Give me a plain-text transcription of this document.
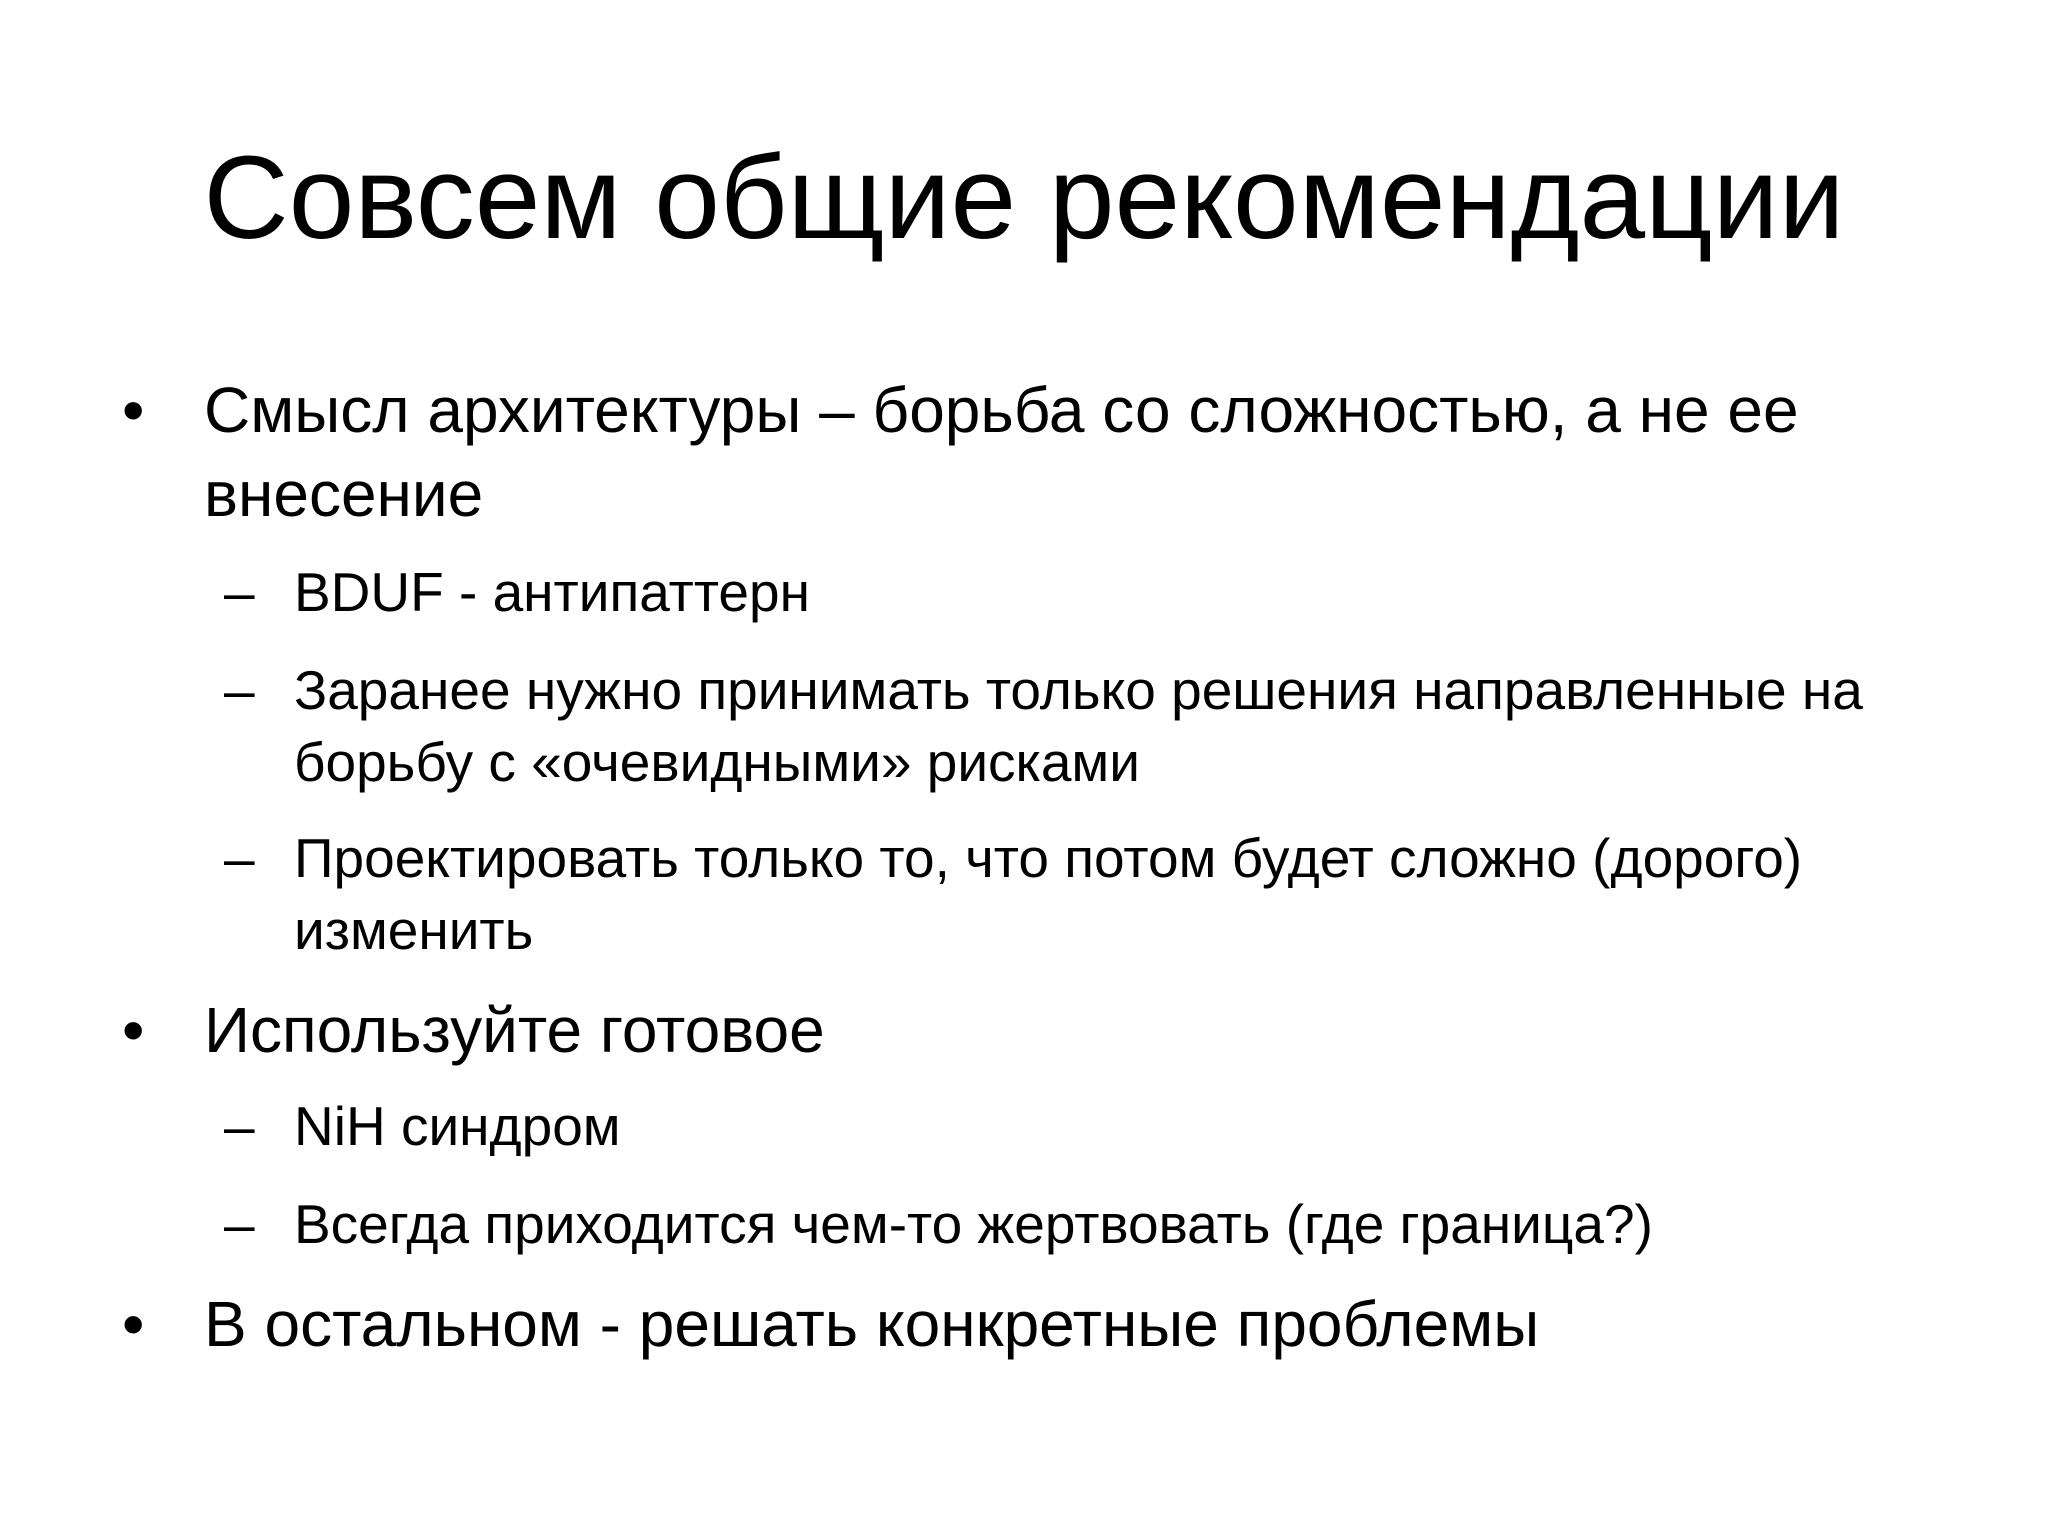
Совсем общие рекомендации
• Смысл архитектуры – борьба со сложностью, а не ее внесение
– BDUF - антипаттерн
– Заранее нужно принимать только решения направленные на борьбу с «очевидными» рисками
– Проектировать только то, что потом будет сложно (дорого) изменить
• Используйте готовое
– NiH синдром
– Всегда приходится чем-то жертвовать (где граница?)
• В остальном - решать конкретные проблемы
